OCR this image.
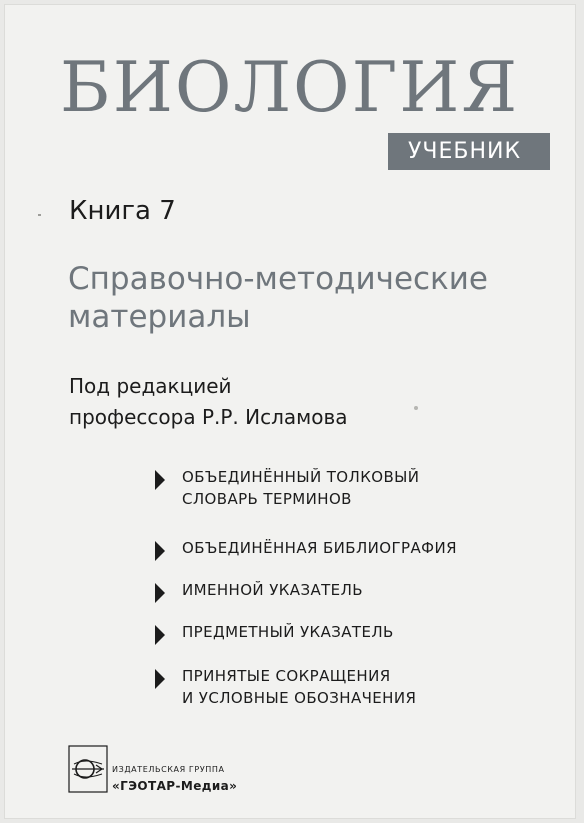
БИОЛОГИЯ
УЧЕБНИК
Книга 7
Справочно-методические материалы
Под редакцией
профессора Р.Р. Исламова
ОБЪЕДИНЁННЫЙ ТОЛКОВЫЙ
СЛОВАРЬ ТЕРМИНОВ
ОБЪЕДИНЁННАЯ БИБЛИОГРАФИЯ
ИМЕННОЙ УКАЗАТЕЛЬ
ПРЕДМЕТНЫЙ УКАЗАТЕЛЬ
ПРИНЯТЫЕ СОКРАЩЕНИЯ
И УСЛОВНЫЕ ОБОЗНАЧЕНИЯ
ИЗДАТЕЛЬСКАЯ ГРУППА
«ГЭОТАР-Медиа»
